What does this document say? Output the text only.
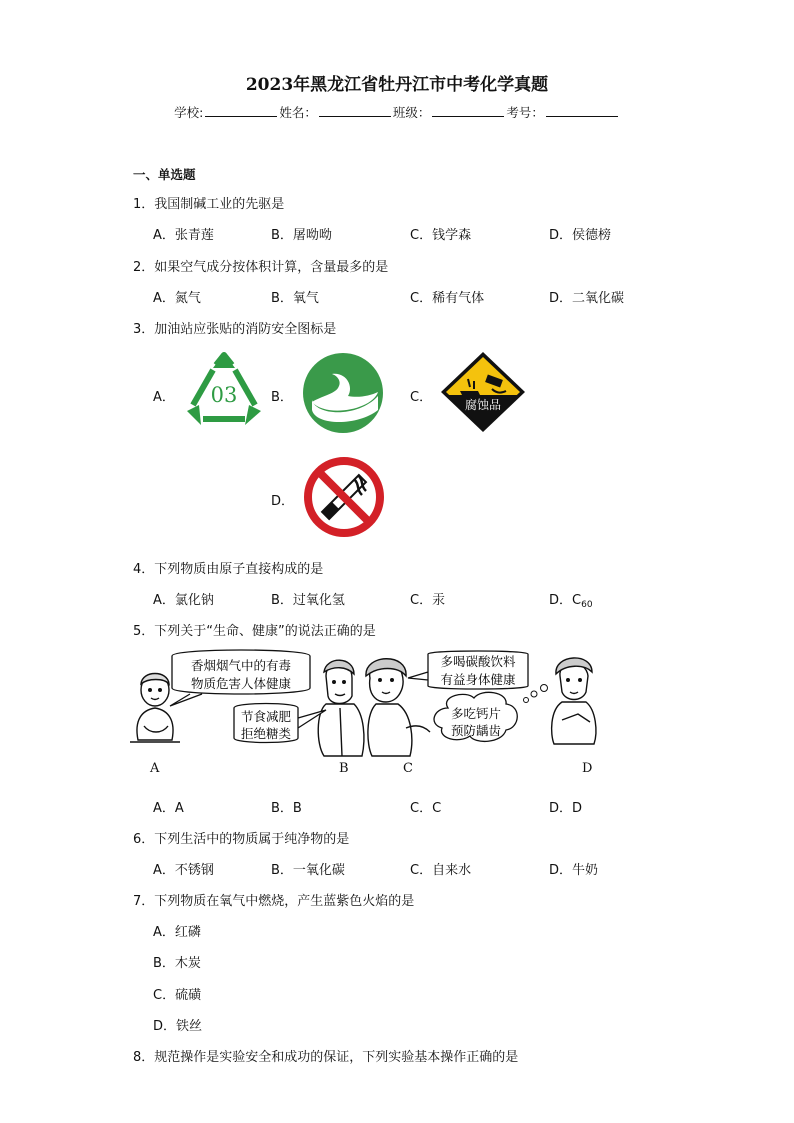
2023年黑龙江省牡丹江市中考化学真题
学校:	姓名：	班级：	考号：
一、单选题
1．我国制碱工业的先驱是
A．张青莲	B．屠呦呦	C．钱学森	D．侯德榜
2．如果空气成分按体积计算，含量最多的是
A．氮气	B．氧气	C．稀有气体	D．二氧化碳
3．加油站应张贴的消防安全图标是
A．	B．	C．
D．
03	腐蚀品
4．下列物质由原子直接构成的是
A．氯化钠	B．过氧化氢	C．汞	D．$C_{60}$
5．下列关于“生命、健康”的说法正确的是
香烟烟气中的有毒
物质危害人体健康
节食减肥
拒绝糖类
多喝碳酸饮料
有益身体健康
多吃钙片
预防龋齿
A	B	C	D
A．A	B．B	C．C	D．D
6．下列生活中的物质属于纯净物的是
A．不锈钢	B．一氧化碳	C．自来水	D．牛奶
7．下列物质在氧气中燃烧，产生蓝紫色火焰的是
A．红磷
B．木炭
C．硫磺
D．铁丝
8．规范操作是实验安全和成功的保证，下列实验基本操作正确的是
